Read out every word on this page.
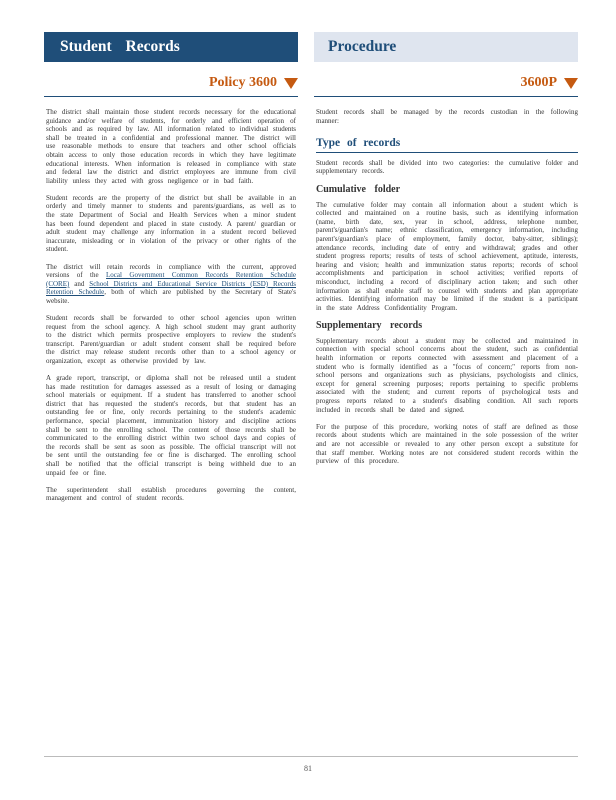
Student Records	Procedure
Policy 3600	3600P

The district shall maintain those student records necessary for the educational guidance and/or welfare of students, for orderly and efficient operation of schools and as required by law. All information related to individual students shall be treated in a confidential and professional manner. The district will use reasonable methods to ensure that teachers and other school officials obtain access to only those education records in which they have legitimate educational interests. When information is released in compliance with state and federal law the district and district employees are immune from civil liability unless they acted with gross negligence or in bad faith.

Student records are the property of the district but shall be available in an orderly and timely manner to students and parents/guardians, as well as to the state Department of Social and Health Services when a minor student has been found dependent and placed in state custody. A parent/ guardian or adult student may challenge any information in a student record believed inaccurate, misleading or in violation of the privacy or other rights of the student.

The district will retain records in compliance with the current, approved versions of the Local Government Common Records Retention Schedule (CORE) and School Districts and Educational Service Districts (ESD) Records Retention Schedule, both of which are published by the Secretary of State's website.

Student records shall be forwarded to other school agencies upon written request from the school agency. A high school student may grant authority to the district which permits prospective employers to review the student's transcript. Parent/guardian or adult student consent shall be required before the district may release student records other than to a school agency or organization, except as otherwise provided by law.

A grade report, transcript, or diploma shall not be released until a student has made restitution for damages assessed as a result of losing or damaging school materials or equipment. If a student has transferred to another school district that has requested the student's records, but that student has an outstanding fee or fine, only records pertaining to the student's academic performance, special placement, immunization history and discipline actions shall be sent to the enrolling school. The content of those records shall be communicated to the enrolling district within two school days and copies of the records shall be sent as soon as possible. The official transcript will not be sent until the outstanding fee or fine is discharged. The enrolling school shall be notified that the official transcript is being withheld due to an unpaid fee or fine.

The superintendent shall establish procedures governing the content, management and control of student records.

Student records shall be managed by the records custodian in the following manner:

Type of records

Student records shall be divided into two categories: the cumulative folder and supplementary records.

Cumulative folder

The cumulative folder may contain all information about a student which is collected and maintained on a routine basis, such as identifying information (name, birth date, sex, year in school, address, telephone number, parent's/guardian's name; ethnic classification, emergency information, including parent's/guardian's place of employment, family doctor, baby-sitter, siblings); attendance records, including date of entry and withdrawal; grades and other student progress reports; results of tests of school achievement, aptitude, interests, hearing and vision; health and immunization status reports; records of school accomplishments and participation in school activities; verified reports of misconduct, including a record of disciplinary action taken; and such other information as shall enable staff to counsel with students and plan appropriate activities. Identifying information may be limited if the student is a participant in the state Address Confidentiality Program.

Supplementary records

Supplementary records about a student may be collected and maintained in connection with special school concerns about the student, such as confidential health information or reports connected with assessment and placement of a student who is formally identified as a "focus of concern;" reports from non-school persons and organizations such as physicians, psychologists and clinics, except for general screening purposes; reports pertaining to specific problems associated with the student; and current reports of psychological tests and progress reports related to a student's disabling condition. All such reports included in records shall be dated and signed.

For the purpose of this procedure, working notes of staff are defined as those records about students which are maintained in the sole possession of the writer and are not accessible or revealed to any other person except a substitute for that staff member. Working notes are not considered student records within the purview of this procedure.

81
